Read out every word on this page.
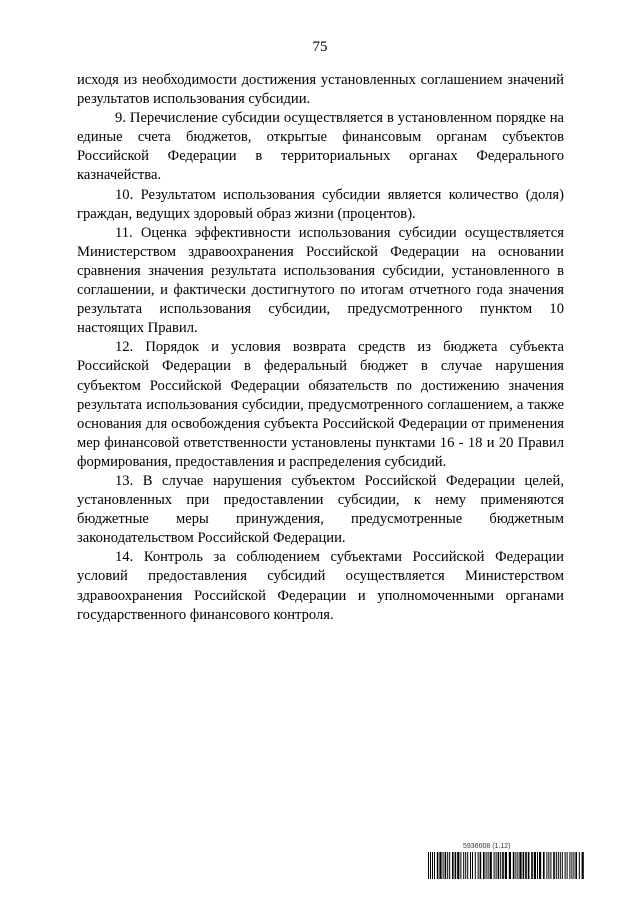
75

исходя из необходимости достижения установленных соглашением значений результатов использования субсидии.

9. Перечисление субсидии осуществляется в установленном порядке на единые счета бюджетов, открытые финансовым органам субъектов Российской Федерации в территориальных органах Федерального казначейства.

10. Результатом использования субсидии является количество (доля) граждан, ведущих здоровый образ жизни (процентов).

11. Оценка эффективности использования субсидии осуществляется Министерством здравоохранения Российской Федерации на основании сравнения значения результата использования субсидии, установленного в соглашении, и фактически достигнутого по итогам отчетного года значения результата использования субсидии, предусмотренного пунктом 10 настоящих Правил.

12. Порядок и условия возврата средств из бюджета субъекта Российской Федерации в федеральный бюджет в случае нарушения субъектом Российской Федерации обязательств по достижению значения результата использования субсидии, предусмотренного соглашением, а также основания для освобождения субъекта Российской Федерации от применения мер финансовой ответственности установлены пунктами 16 - 18 и 20 Правил формирования, предоставления и распределения субсидий.

13. В случае нарушения субъектом Российской Федерации целей, установленных при предоставлении субсидии, к нему применяются бюджетные меры принуждения, предусмотренные бюджетным законодательством Российской Федерации.

14. Контроль за соблюдением субъектами Российской Федерации условий предоставления субсидий осуществляется Министерством здравоохранения Российской Федерации и уполномоченными органами государственного финансового контроля.

5936008 (1.12)
